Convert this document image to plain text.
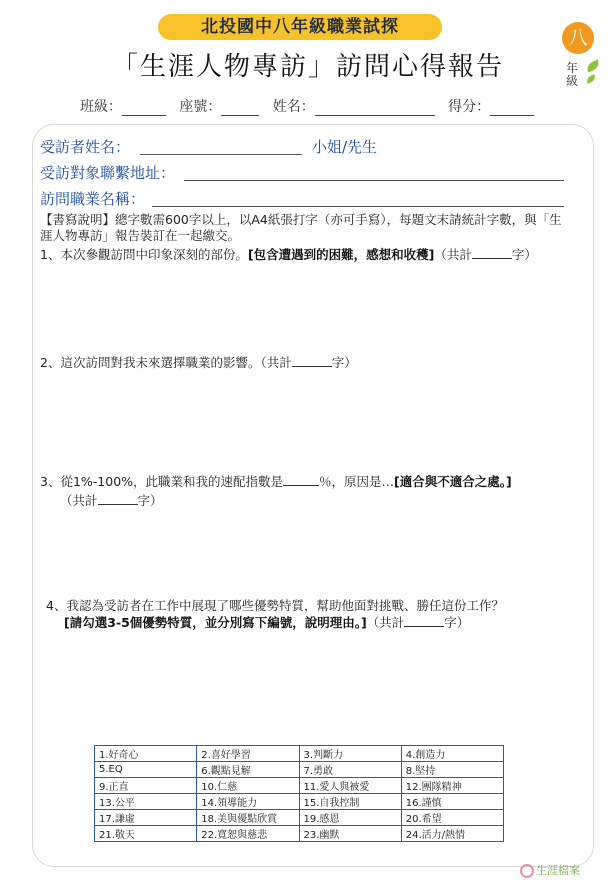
北投國中八年級職業試探
「生涯人物專訪」訪問心得報告
八
年級
班級：	座號：	姓名：	得分：
受訪者姓名：	小姐/先生
受訪對象聯繫地址：
訪問職業名稱：
【書寫說明】總字數需600字以上，以A4紙張打字（亦可手寫），每題文末請統計字數，與「生涯人物專訪」報告裝訂在一起繳交。
1、本次參觀訪問中印象深刻的部份。[包含遭遇到的困難，感想和收穫]（共計	字）
2、這次訪問對我未來選擇職業的影響。（共計	字）
3、從1%-100%，此職業和我的速配指數是	％，原因是…[適合與不適合之處。]
（共計	字）
4、我認為受訪者在工作中展現了哪些優勢特質，幫助他面對挑戰、勝任這份工作？
[請勾選3-5個優勢特質，並分別寫下編號，說明理由。]（共計	字）
1.好奇心	2.喜好學習	3.判斷力	4.創造力
5.EQ	6.觀點見解	7.勇敢	8.堅持
9.正直	10.仁慈	11.愛人與被愛	12.團隊精神
13.公平	14.領導能力	15.自我控制	16.謹慎
17.謙虛	18.美與優點欣賞	19.感恩	20.希望
21.敬天	22.寬恕與慈悲	23.幽默	24.活力/熱情
生涯檔案
